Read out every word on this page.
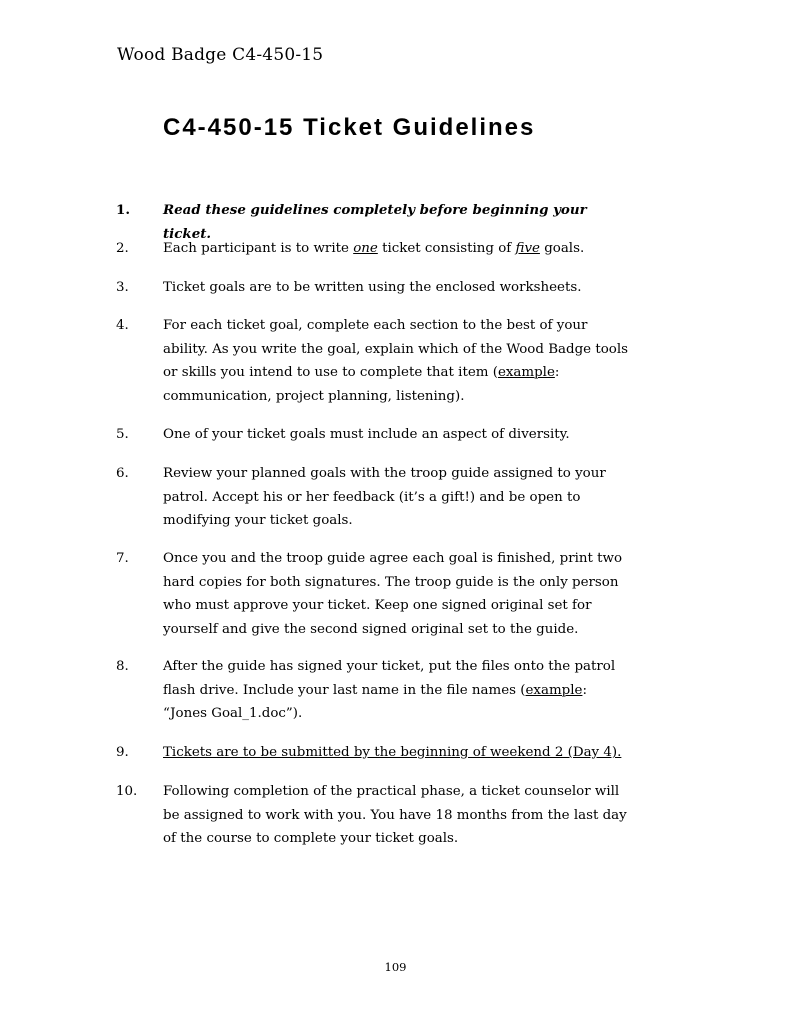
Wood Badge C4-450-15
C4-450-15 Ticket Guidelines
1. Read these guidelines completely before beginning your ticket.
2.	Each participant is to write one ticket consisting of five goals.
3.	Ticket goals are to be written using the enclosed worksheets.
4.	For each ticket goal, complete each section to the best of your ability. As you write the goal, explain which of the Wood Badge tools or skills you intend to use to complete that item (example: communication, project planning, listening).
5.	One of your ticket goals must include an aspect of diversity.
6.	Review your planned goals with the troop guide assigned to your patrol. Accept his or her feedback (it’s a gift!) and be open to modifying your ticket goals.
7.	Once you and the troop guide agree each goal is finished, print two hard copies for both signatures. The troop guide is the only person who must approve your ticket. Keep one signed original set for yourself and give the second signed original set to the guide.
8.	After the guide has signed your ticket, put the files onto the patrol flash drive. Include your last name in the file names (example: “Jones Goal_1.doc”).
9.	Tickets are to be submitted by the beginning of weekend 2 (Day 4).
10. Following completion of the practical phase, a ticket counselor will be assigned to work with you. You have 18 months from the last day of the course to complete your ticket goals.
109
